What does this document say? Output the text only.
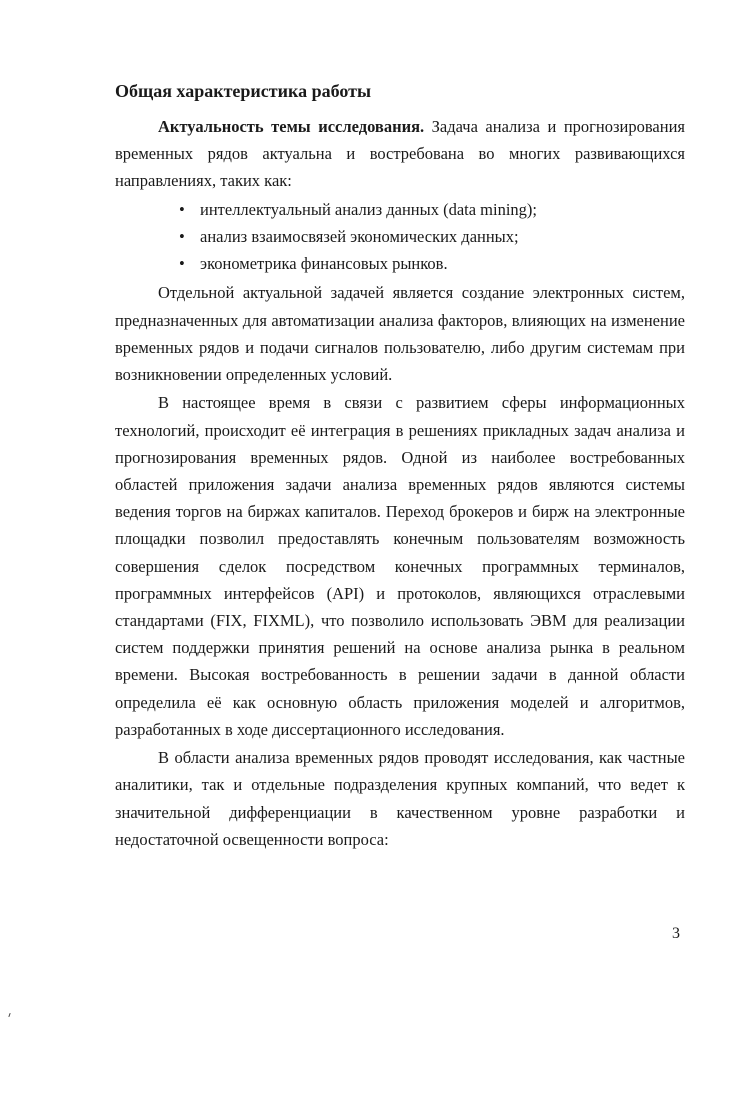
Общая характеристика работы

Актуальность темы исследования. Задача анализа и прогнозирования временных рядов актуальна и востребована во многих развивающихся направлениях, таких как:

• интеллектуальный анализ данных (data mining);
• анализ взаимосвязей экономических данных;
• эконометрика финансовых рынков.

Отдельной актуальной задачей является создание электронных систем, предназначенных для автоматизации анализа факторов, влияющих на изменение временных рядов и подачи сигналов пользователю, либо другим системам при возникновении определенных условий.

В настоящее время в связи с развитием сферы информационных технологий, происходит её интеграция в решениях прикладных задач анализа и прогнозирования временных рядов. Одной из наиболее востребованных областей приложения задачи анализа временных рядов являются системы ведения торгов на биржах капиталов. Переход брокеров и бирж на электронные площадки позволил предоставлять конечным пользователям возможность совершения сделок посредством конечных программных терминалов, программных интерфейсов (API) и протоколов, являющихся отраслевыми стандартами (FIX, FIXML), что позволило использовать ЭВМ для реализации систем поддержки принятия решений на основе анализа рынка в реальном времени. Высокая востребованность в решении задачи в данной области определила её как основную область приложения моделей и алгоритмов, разработанных в ходе диссертационного исследования.

В области анализа временных рядов проводят исследования, как частные аналитики, так и отдельные подразделения крупных компаний, что ведет к значительной дифференциации в качественном уровне разработки и недостаточной освещенности вопроса:

3
